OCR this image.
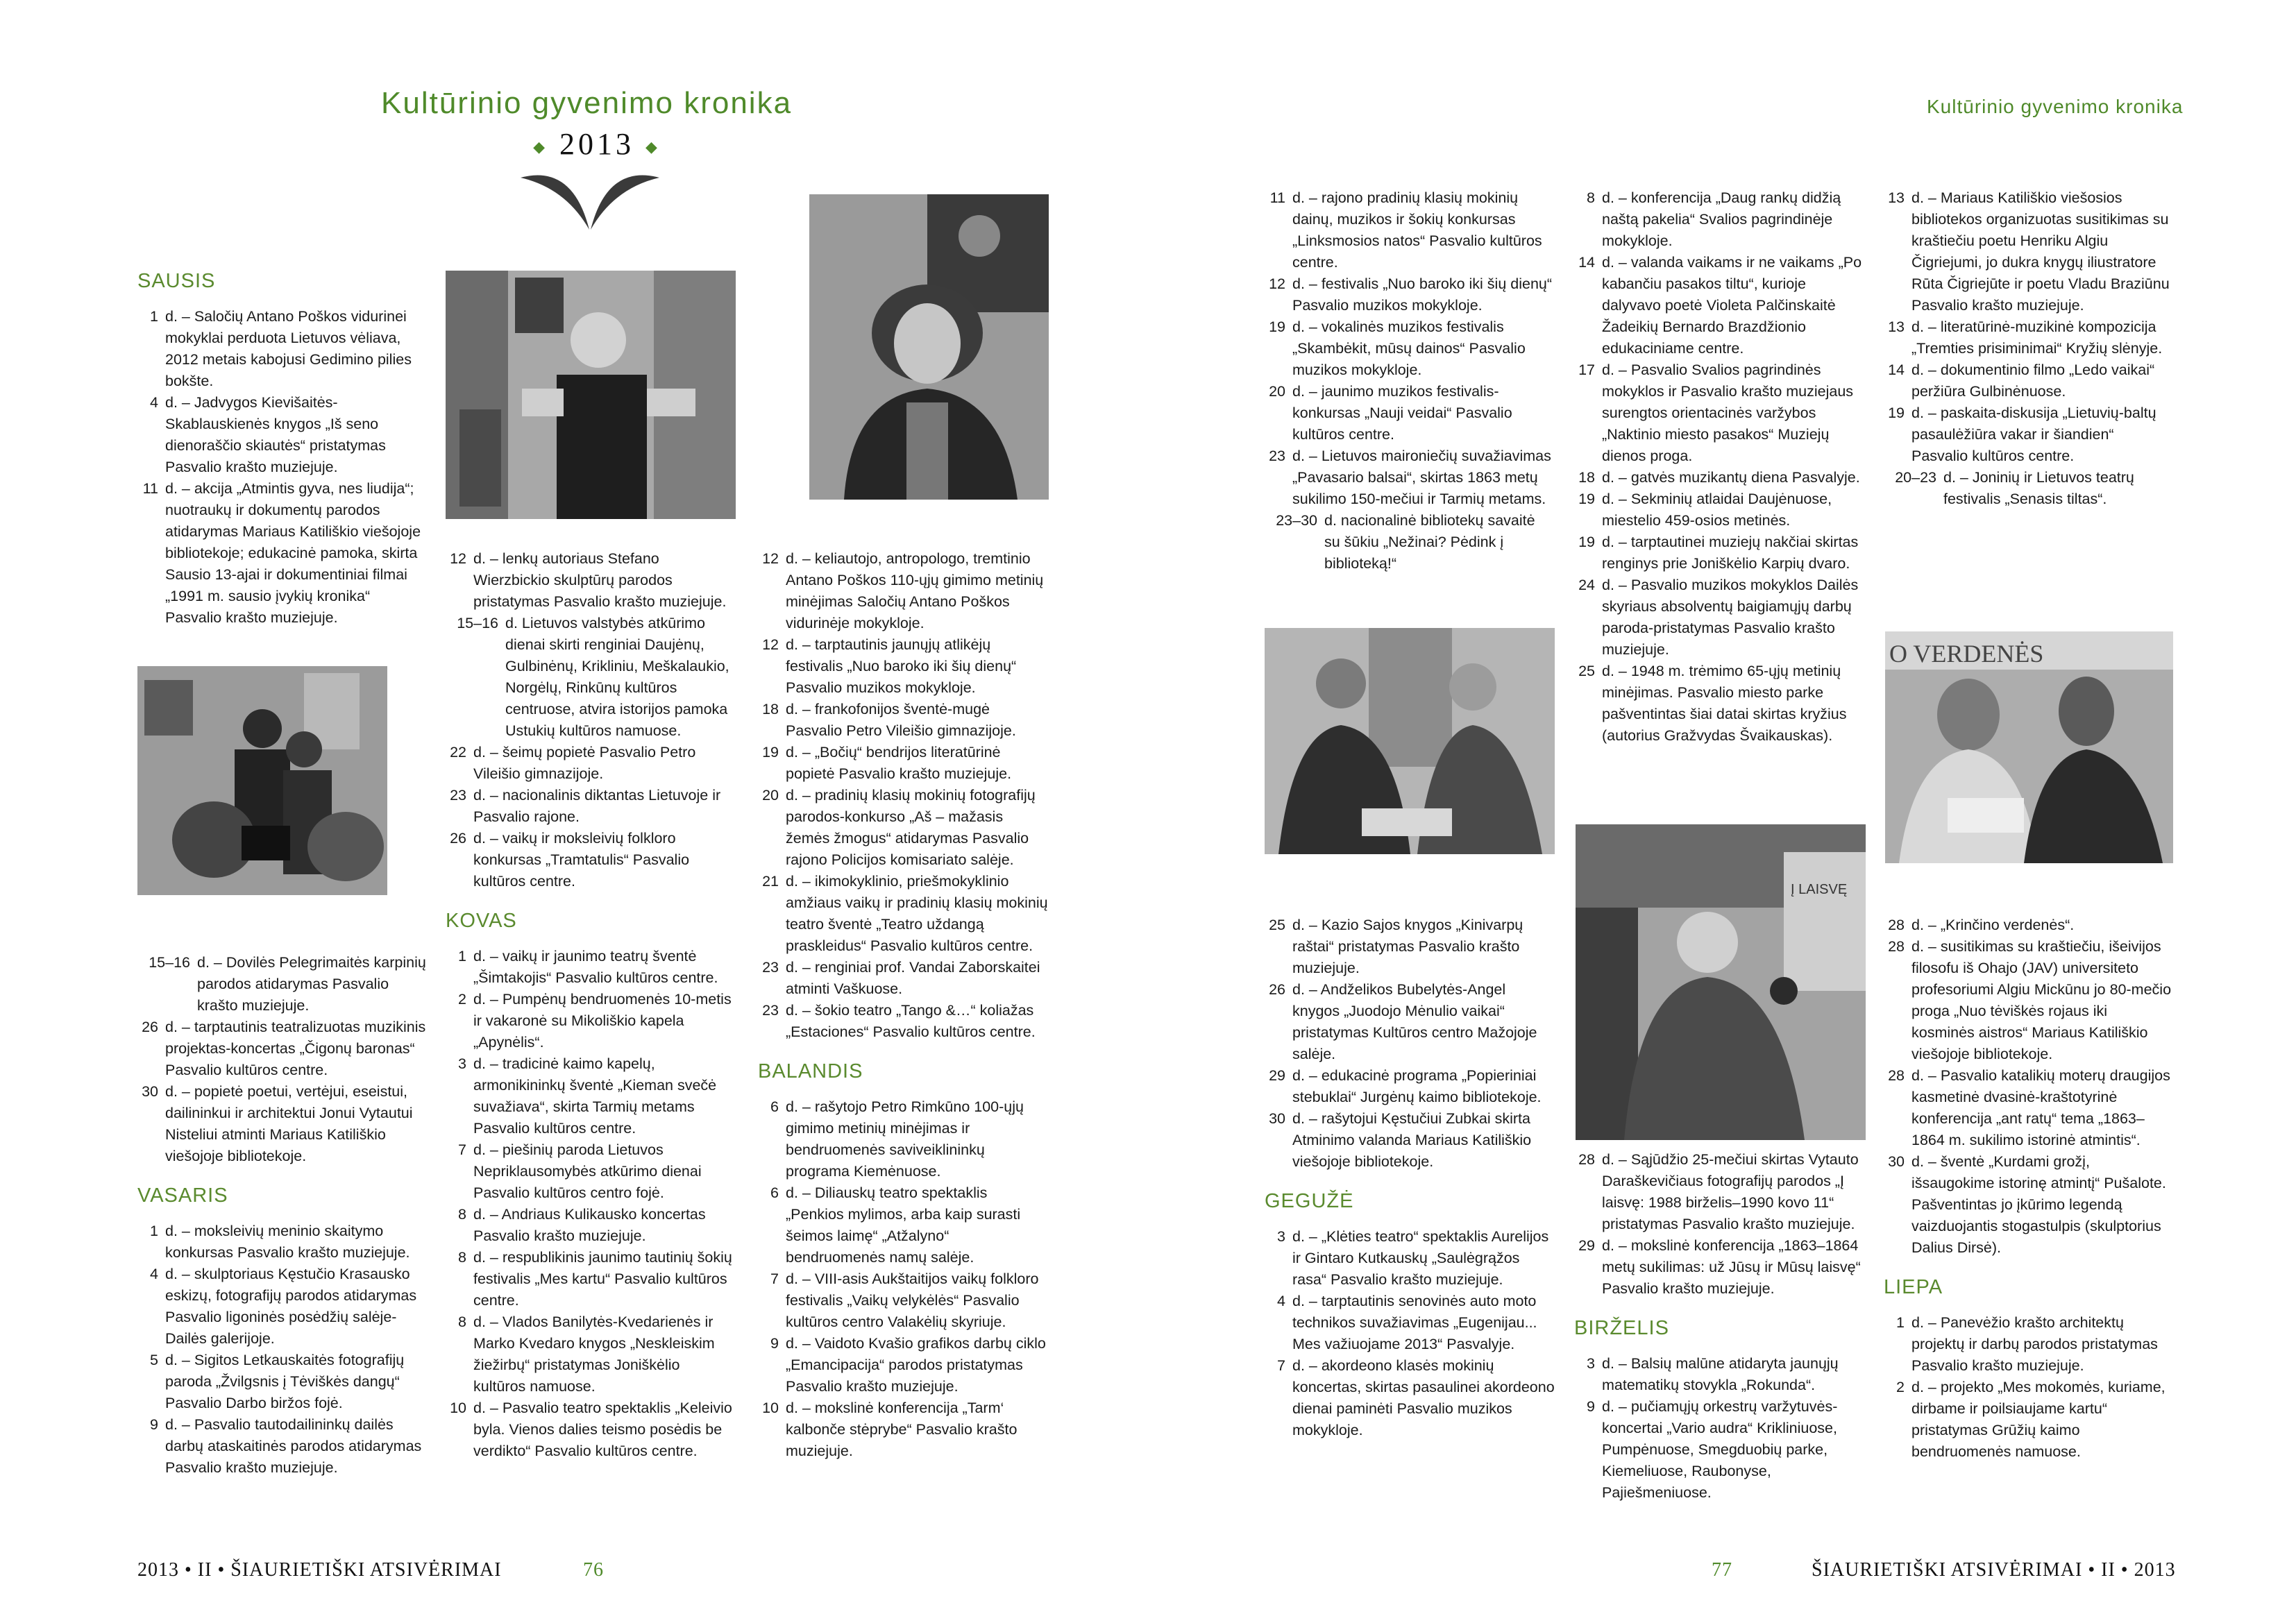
Kultūrinio gyvenimo kronika
◆ 2013 ◆
Kultūrinio gyvenimo kronika
SAUSIS
1 d. – Saločių Antano Poškos vidurinei mokyklai perduota Lietuvos vėliava, 2012 metais kabojusi Gedimino pilies bokšte.
4 d. – Jadvygos Kievišaitės-Skablauskienės knygos „Iš seno dienoraščio skiautės“ pristatymas Pasvalio krašto muziejuje.
11 d. – akcija „Atmintis gyva, nes liudija“; nuotraukų ir dokumentų parodos atidarymas Mariaus Katiliškio viešojoje bibliotekoje; edukacinė pamoka, skirta Sausio 13-ajai ir dokumentiniai filmai „1991 m. sausio įvykių kronika“ Pasvalio krašto muziejuje.
15–16 d. – Dovilės Pelegrimaitės karpinių parodos atidarymas Pasvalio krašto muziejuje.
26 d. – tarptautinis teatralizuotas muzikinis projektas-koncertas „Čigonų baronas“ Pasvalio kultūros centre.
30 d. – popietė poetui, vertėjui, eseistui, dailininkui ir architektui Jonui Vytautui Nisteliui atminti Mariaus Katiliškio viešojoje bibliotekoje.
VASARIS
1 d. – moksleivių meninio skaitymo konkursas Pasvalio krašto muziejuje.
4 d. – skulptoriaus Kęstučio Krasausko eskizų, fotografijų parodos atidarymas Pasvalio ligoninės posėdžių salėje-Dailės galerijoje.
5 d. – Sigitos Letkauskaitės fotografijų paroda „Žvilgsnis į Tėviškės dangų“ Pasvalio Darbo biržos fojė.
9 d. – Pasvalio tautodailininkų dailės darbų ataskaitinės parodos atidarymas Pasvalio krašto muziejuje.
12 d. – lenkų autoriaus Stefano Wierzbickio skulptūrų parodos pristatymas Pasvalio krašto muziejuje.
15–16 d. Lietuvos valstybės atkūrimo dienai skirti renginiai Daujėnų, Gulbinėnų, Krikliniu, Meškalaukio, Norgėlų, Rinkūnų kultūros centruose, atvira istorijos pamoka Ustukių kultūros namuose.
22 d. – šeimų popietė Pasvalio Petro Vileišio gimnazijoje.
23 d. – nacionalinis diktantas Lietuvoje ir Pasvalio rajone.
26 d. – vaikų ir moksleivių folkloro konkursas „Tramtatulis“ Pasvalio kultūros centre.
KOVAS
1 d. – vaikų ir jaunimo teatrų šventė „Šimtakojis“ Pasvalio kultūros centre.
2 d. – Pumpėnų bendruomenės 10-metis ir vakaronė su Mikoliškio kapela „Apynėlis“.
3 d. – tradicinė kaimo kapelų, armonikininkų šventė „Kieman svečė suvažiava“, skirta Tarmių metams Pasvalio kultūros centre.
7 d. – piešinių paroda Lietuvos Nepriklausomybės atkūrimo dienai Pasvalio kultūros centro fojė.
8 d. – Andriaus Kulikausko koncertas Pasvalio krašto muziejuje.
8 d. – respublikinis jaunimo tautinių šokių festivalis „Mes kartu“ Pasvalio kultūros centre.
8 d. – Vlados Banilytės-Kvedarienės ir Marko Kvedaro knygos „Neskleiskim žiežirbų“ pristatymas Joniškėlio kultūros namuose.
10 d. – Pasvalio teatro spektaklis „Keleivio byla. Vienos dalies teismo posėdis be verdikto“ Pasvalio kultūros centre.
12 d. – keliautojo, antropologo, tremtinio Antano Poškos 110-ųjų gimimo metinių minėjimas Saločių Antano Poškos vidurinėje mokykloje.
12 d. – tarptautinis jaunųjų atlikėjų festivalis „Nuo baroko iki šių dienų“ Pasvalio muzikos mokykloje.
18 d. – frankofonijos šventė-mugė Pasvalio Petro Vileišio gimnazijoje.
19 d. – „Bočių“ bendrijos literatūrinė popietė Pasvalio krašto muziejuje.
20 d. – pradinių klasių mokinių fotografijų parodos-konkurso „Aš – mažasis žemės žmogus“ atidarymas Pasvalio rajono Policijos komisariato salėje.
21 d. – ikimokyklinio, priešmokyklinio amžiaus vaikų ir pradinių klasių mokinių teatro šventė „Teatro uždangą praskleidus“ Pasvalio kultūros centre.
23 d. – renginiai prof. Vandai Zaborskaitei atminti Vaškuose.
23 d. – šokio teatro „Tango &…“ koliažas „Estaciones“ Pasvalio kultūros centre.
BALANDIS
6 d. – rašytojo Petro Rimkūno 100-ųjų gimimo metinių minėjimas ir bendruomenės saviveiklininkų programa Kiemėnuose.
6 d. – Diliauskų teatro spektaklis „Penkios mylimos, arba kaip surasti šeimos laimę“ „Atžalyno“ bendruomenės namų salėje.
7 d. – VIII-asis Aukštaitijos vaikų folkloro festivalis „Vaikų velykėlės“ Pasvalio kultūros centro Valakėlių skyriuje.
9 d. – Vaidoto Kvašio grafikos darbų ciklo „Emancipacija“ parodos pristatymas Pasvalio krašto muziejuje.
10 d. – mokslinė konferencija „Tarm‘ kalbonče stėprybe“ Pasvalio krašto muziejuje.
11 d. – rajono pradinių klasių mokinių dainų, muzikos ir šokių konkursas „Linksmosios natos“ Pasvalio kultūros centre.
12 d. – festivalis „Nuo baroko iki šių dienų“ Pasvalio muzikos mokykloje.
19 d. – vokalinės muzikos festivalis „Skambėkit, mūsų dainos“ Pasvalio muzikos mokykloje.
20 d. – jaunimo muzikos festivalis-konkursas „Nauji veidai“ Pasvalio kultūros centre.
23 d. – Lietuvos maironiečių suvažiavimas „Pavasario balsai“, skirtas 1863 metų sukilimo 150-mečiui ir Tarmių metams.
23–30 d. nacionalinė bibliotekų savaitė su šūkiu „Nežinai? Pėdink į biblioteką!“
25 d. – Kazio Sajos knygos „Kinivarpų raštai“ pristatymas Pasvalio krašto muziejuje.
26 d. – Andželikos Bubelytės-Angel knygos „Juodojo Mėnulio vaikai“ pristatymas Kultūros centro Mažojoje salėje.
29 d. – edukacinė programa „Popieriniai stebuklai“ Jurgėnų kaimo bibliotekoje.
30 d. – rašytojui Kęstučiui Zubkai skirta Atminimo valanda Mariaus Katiliškio viešojoje bibliotekoje.
GEGUŽĖ
3 d. – „Klėties teatro“ spektaklis Aurelijos ir Gintaro Kutkauskų „Saulėgrąžos rasa“ Pasvalio krašto muziejuje.
4 d. – tarptautinis senovinės auto moto technikos suvažiavimas „Eugenijau... Mes važiuojame 2013“ Pasvalyje.
7 d. – akordeono klasės mokinių koncertas, skirtas pasaulinei akordeono dienai paminėti Pasvalio muzikos mokykloje.
8 d. – konferencija „Daug rankų didžią naštą pakelia“ Svalios pagrindinėje mokykloje.
14 d. – valanda vaikams ir ne vaikams „Po kabančiu pasakos tiltu“, kurioje dalyvavo poetė Violeta Palčinskaitė Žadeikių Bernardo Brazdžionio edukaciniame centre.
17 d. – Pasvalio Svalios pagrindinės mokyklos ir Pasvalio krašto muziejaus surengtos orientacinės varžybos „Naktinio miesto pasakos“ Muziejų dienos proga.
18 d. – gatvės muzikantų diena Pasvalyje.
19 d. – Sekminių atlaidai Daujėnuose, miestelio 459-osios metinės.
19 d. – tarptautinei muziejų nakčiai skirtas renginys prie Joniškėlio Karpių dvaro.
24 d. – Pasvalio muzikos mokyklos Dailės skyriaus absolventų baigiamųjų darbų paroda-pristatymas Pasvalio krašto muziejuje.
25 d. – 1948 m. trėmimo 65-ųjų metinių minėjimas. Pasvalio miesto parke pašventintas šiai datai skirtas kryžius (autorius Gražvydas Švaikauskas).
28 d. – Sąjūdžio 25-mečiui skirtas Vytauto Daraškevičiaus fotografijų parodos „Į laisvę: 1988 birželis–1990 kovo 11“ pristatymas Pasvalio krašto muziejuje.
29 d. – mokslinė konferencija „1863–1864 metų sukilimas: už Jūsų ir Mūsų laisvę“ Pasvalio krašto muziejuje.
BIRŽELIS
3 d. – Balsių malūne atidaryta jaunųjų matematikų stovykla „Rokunda“.
9 d. – pučiamųjų orkestrų varžytuvės-koncertai „Vario audra“ Krikliniuose, Pumpėnuose, Smegduobių parke, Kiemeliuose, Raubonyse, Pajiešmeniuose.
13 d. – Mariaus Katiliškio viešosios bibliotekos organizuotas susitikimas su kraštiečiu poetu Henriku Algiu Čigriejumi, jo dukra knygų iliustratore Rūta Čigriejūte ir poetu Vladu Braziūnu Pasvalio krašto muziejuje.
13 d. – literatūrinė-muzikinė kompozicija „Tremties prisiminimai“ Kryžių slėnyje.
14 d. – dokumentinio filmo „Ledo vaikai“ peržiūra Gulbinėnuose.
19 d. – paskaita-diskusija „Lietuvių-baltų pasaulėžiūra vakar ir šiandien“ Pasvalio kultūros centre.
20–23 d. – Joninių ir Lietuvos teatrų festivalis „Senasis tiltas“.
28 d. – „Krinčino verdenės“.
28 d. – susitikimas su kraštiečiu, išeivijos filosofu iš Ohajo (JAV) universiteto profesoriumi Algiu Mickūnu jo 80-mečio proga „Nuo tėviškės rojaus iki kosminės aistros“ Mariaus Katiliškio viešojoje bibliotekoje.
28 d. – Pasvalio katalikių moterų draugijos kasmetinė dvasinė-kraštotyrinė konferencija „ant ratų“ tema „1863–1864 m. sukilimo istorinė atmintis“.
30 d. – šventė „Kurdami grožį, išsaugokime istorinę atmintį“ Pušalote. Pašventintas jo įkūrimo legendą vaizduojantis stogastulpis (skulptorius Dalius Dirsė).
LIEPA
1 d. – Panevėžio krašto architektų projektų ir darbų parodos pristatymas Pasvalio krašto muziejuje.
2 d. – projekto „Mes mokomės, kuriame, dirbame ir poilsiaujame kartu“ pristatymas Grūžių kaimo bendruomenės namuose.
Į LAISVĘ
O VERDENĖS
2013 • II • ŠIAURIETIŠKI ATSIVĖRIMAI	76	77	ŠIAURIETIŠKI ATSIVĖRIMAI • II • 2013
